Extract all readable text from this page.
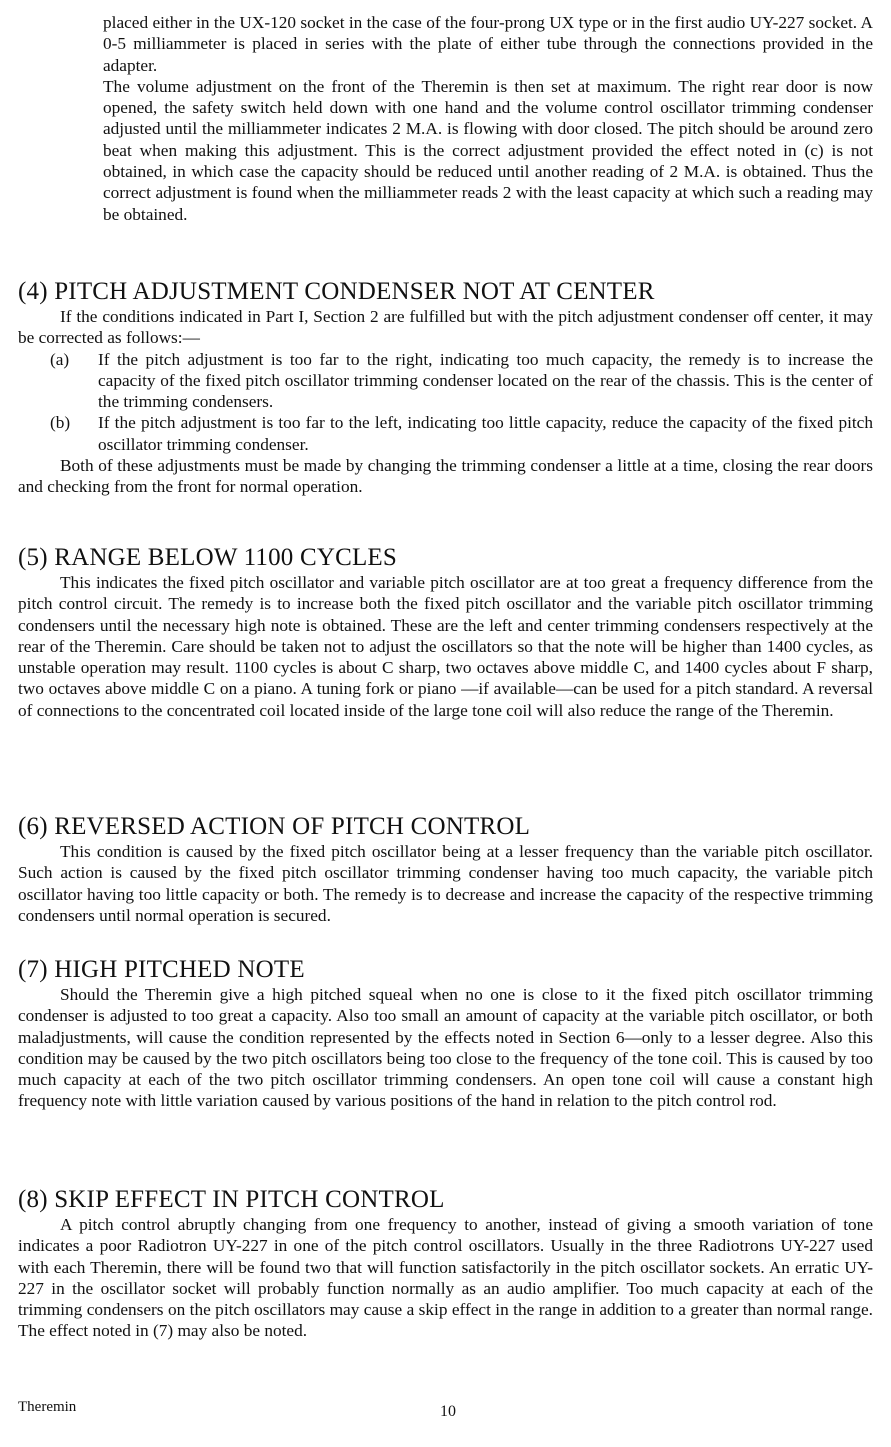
placed either in the UX-120 socket in the case of the four-prong UX type or in the first audio UY-227 socket. A 0-5 milliammeter is placed in series with the plate of either tube through the connections provided in the adapter.

The volume adjustment on the front of the Theremin is then set at maximum. The right rear door is now opened, the safety switch held down with one hand and the volume control oscillator trimming condenser adjusted until the milliammeter indicates 2 M.A. is flowing with door closed. The pitch should be around zero beat when making this adjustment. This is the correct adjustment provided the effect noted in (c) is not obtained, in which case the capacity should be reduced until another reading of 2 M.A. is obtained. Thus the correct adjustment is found when the milliammeter reads 2 with the least capacity at which such a reading may be obtained.

(4) PITCH ADJUSTMENT CONDENSER NOT AT CENTER

If the conditions indicated in Part I, Section 2 are fulfilled but with the pitch adjustment condenser off center, it may be corrected as follows:—

(a)	If the pitch adjustment is too far to the right, indicating too much capacity, the remedy is to increase the capacity of the fixed pitch oscillator trimming condenser located on the rear of the chassis. This is the center of the trimming condensers.
(b)	If the pitch adjustment is too far to the left, indicating too little capacity, reduce the capacity of the fixed pitch oscillator trimming condenser.

Both of these adjustments must be made by changing the trimming condenser a little at a time, closing the rear doors and checking from the front for normal operation.

(5) RANGE BELOW 1100 CYCLES

This indicates the fixed pitch oscillator and variable pitch oscillator are at too great a frequency difference from the pitch control circuit. The remedy is to increase both the fixed pitch oscillator and the variable pitch oscillator trimming condensers until the necessary high note is obtained. These are the left and center trimming condensers respectively at the rear of the Theremin. Care should be taken not to adjust the oscillators so that the note will be higher than 1400 cycles, as unstable operation may result. 1100 cycles is about C sharp, two octaves above middle C, and 1400 cycles about F sharp, two octaves above middle C on a piano. A tuning fork or piano —if available—can be used for a pitch standard. A reversal of connections to the concentrated coil located inside of the large tone coil will also reduce the range of the Theremin.

(6) REVERSED ACTION OF PITCH CONTROL

This condition is caused by the fixed pitch oscillator being at a lesser frequency than the variable pitch oscillator. Such action is caused by the fixed pitch oscillator trimming condenser having too much capacity, the variable pitch oscillator having too little capacity or both. The remedy is to decrease and increase the capacity of the respective trimming condensers until normal operation is secured.

(7) HIGH PITCHED NOTE

Should the Theremin give a high pitched squeal when no one is close to it the fixed pitch oscillator trimming condenser is adjusted to too great a capacity. Also too small an amount of capacity at the variable pitch oscillator, or both maladjustments, will cause the condition represented by the effects noted in Section 6—only to a lesser degree. Also this condition may be caused by the two pitch oscillators being too close to the frequency of the tone coil. This is caused by too much capacity at each of the two pitch oscillator trimming condensers. An open tone coil will cause a constant high frequency note with little variation caused by various positions of the hand in relation to the pitch control rod.

(8) SKIP EFFECT IN PITCH CONTROL

A pitch control abruptly changing from one frequency to another, instead of giving a smooth variation of tone indicates a poor Radiotron UY-227 in one of the pitch control oscillators. Usually in the three Radiotrons UY-227 used with each Theremin, there will be found two that will function satisfactorily in the pitch oscillator sockets. An erratic UY-227 in the oscillator socket will probably function normally as an audio amplifier. Too much capacity at each of the trimming condensers on the pitch oscillators may cause a skip effect in the range in addition to a greater than normal range. The effect noted in (7) may also be noted.

Theremin	10
